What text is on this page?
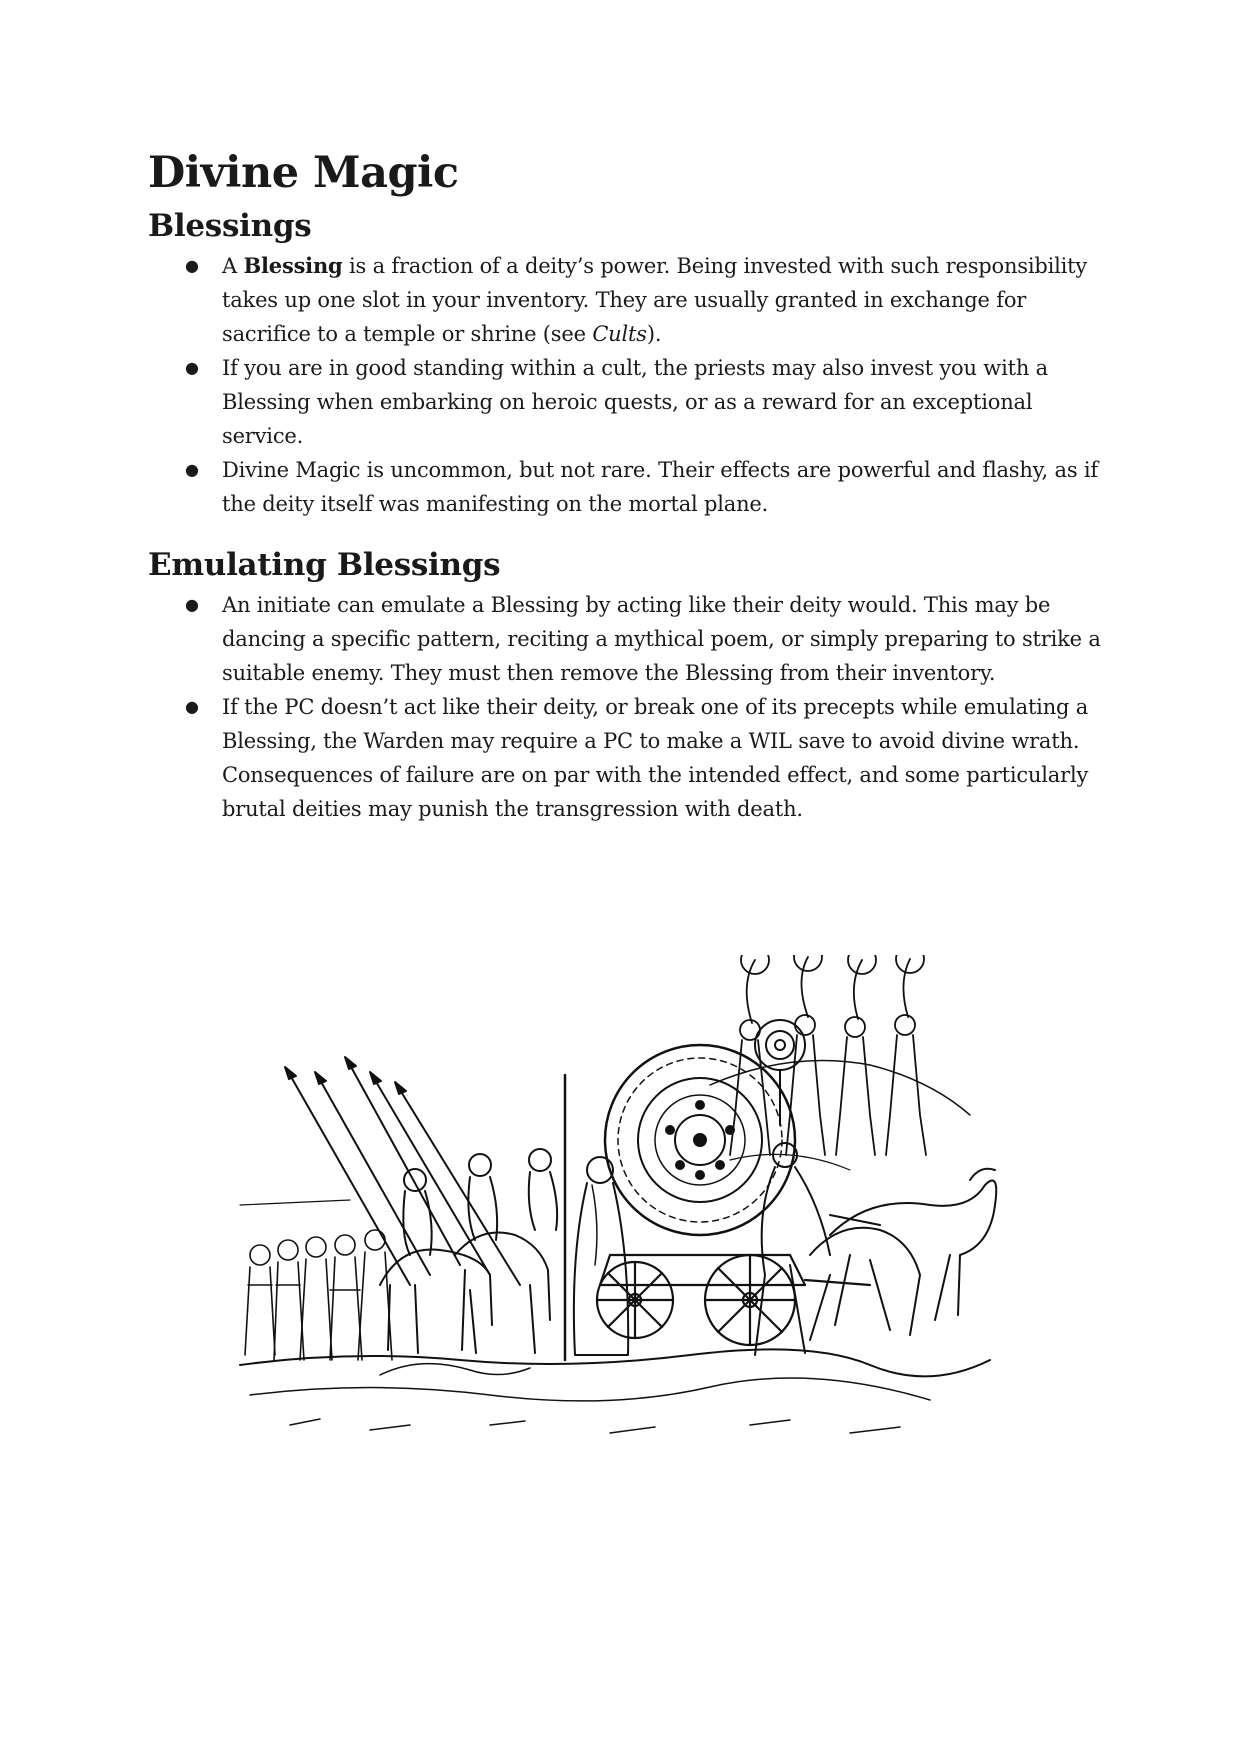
Divine Magic
Blessings
● A Blessing is a fraction of a deity’s power. Being invested with such responsibility takes up one slot in your inventory. They are usually granted in exchange for sacrifice to a temple or shrine (see Cults).
● If you are in good standing within a cult, the priests may also invest you with a Blessing when embarking on heroic quests, or as a reward for an exceptional service.
● Divine Magic is uncommon, but not rare. Their effects are powerful and flashy, as if the deity itself was manifesting on the mortal plane.
Emulating Blessings
● An initiate can emulate a Blessing by acting like their deity would. This may be dancing a specific pattern, reciting a mythical poem, or simply preparing to strike a suitable enemy. They must then remove the Blessing from their inventory.
● If the PC doesn’t act like their deity, or break one of its precepts while emulating a Blessing, the Warden may require a PC to make a WIL save to avoid divine wrath. Consequences of failure are on par with the intended effect, and some particularly brutal deities may punish the transgression with death.
